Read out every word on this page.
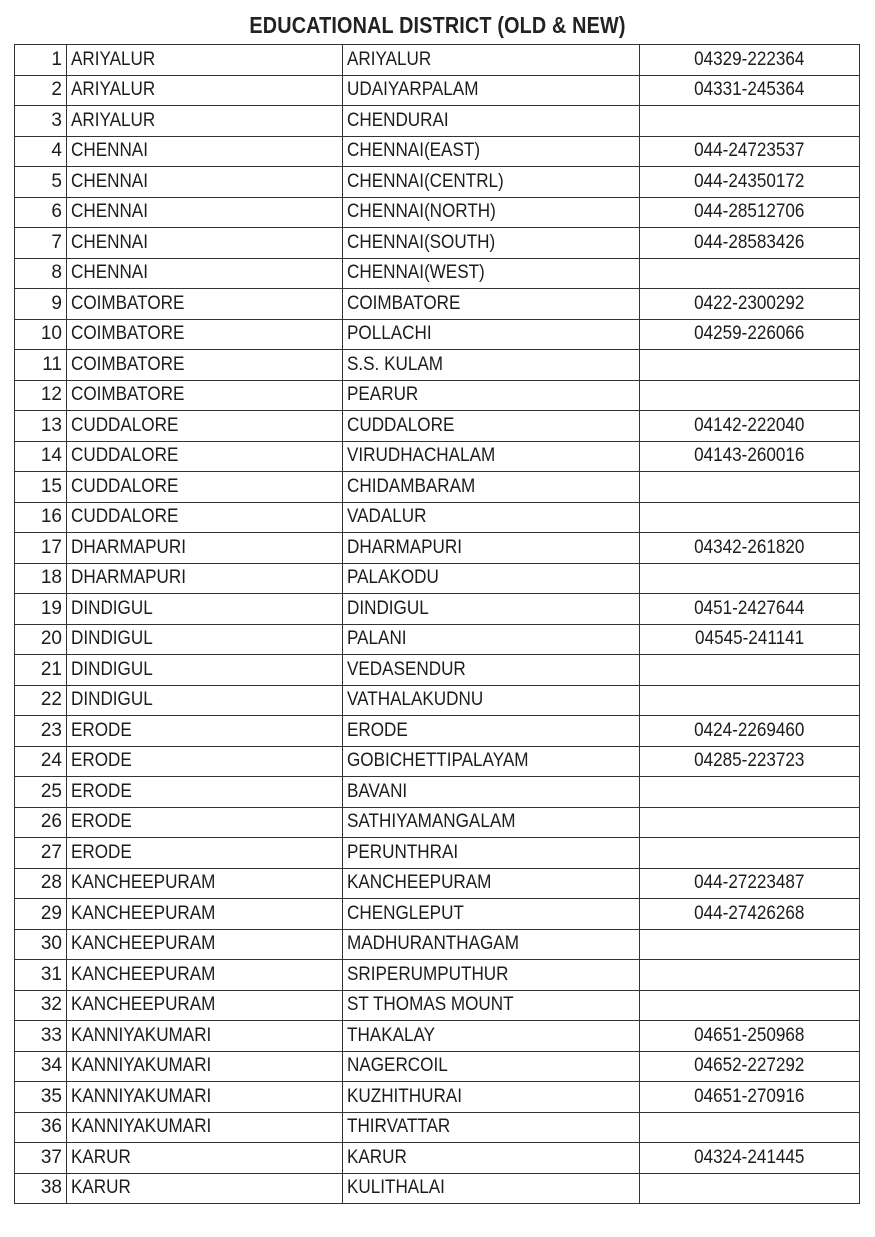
EDUCATIONAL DISTRICT (OLD & NEW)
1	ARIYALUR	ARIYALUR	04329-222364
2	ARIYALUR	UDAIYARPALAM	04331-245364
3	ARIYALUR	CHENDURAI	
4	CHENNAI	CHENNAI(EAST)	044-24723537
5	CHENNAI	CHENNAI(CENTRL)	044-24350172
6	CHENNAI	CHENNAI(NORTH)	044-28512706
7	CHENNAI	CHENNAI(SOUTH)	044-28583426
8	CHENNAI	CHENNAI(WEST)	
9	COIMBATORE	COIMBATORE	0422-2300292
10	COIMBATORE	POLLACHI	04259-226066
11	COIMBATORE	S.S. KULAM	
12	COIMBATORE	PEARUR	
13	CUDDALORE	CUDDALORE	04142-222040
14	CUDDALORE	VIRUDHACHALAM	04143-260016
15	CUDDALORE	CHIDAMBARAM	
16	CUDDALORE	VADALUR	
17	DHARMAPURI	DHARMAPURI	04342-261820
18	DHARMAPURI	PALAKODU	
19	DINDIGUL	DINDIGUL	0451-2427644
20	DINDIGUL	PALANI	04545-241141
21	DINDIGUL	VEDASENDUR	
22	DINDIGUL	VATHALAKUDNU	
23	ERODE	ERODE	0424-2269460
24	ERODE	GOBICHETTIPALAYAM	04285-223723
25	ERODE	BAVANI	
26	ERODE	SATHIYAMANGALAM	
27	ERODE	PERUNTHRAI	
28	KANCHEEPURAM	KANCHEEPURAM	044-27223487
29	KANCHEEPURAM	CHENGLEPUT	044-27426268
30	KANCHEEPURAM	MADHURANTHAGAM	
31	KANCHEEPURAM	SRIPERUMPUTHUR	
32	KANCHEEPURAM	ST THOMAS MOUNT	
33	KANNIYAKUMARI	THAKALAY	04651-250968
34	KANNIYAKUMARI	NAGERCOIL	04652-227292
35	KANNIYAKUMARI	KUZHITHURAI	04651-270916
36	KANNIYAKUMARI	THIRVATTAR	
37	KARUR	KARUR	04324-241445
38	KARUR	KULITHALAI	
